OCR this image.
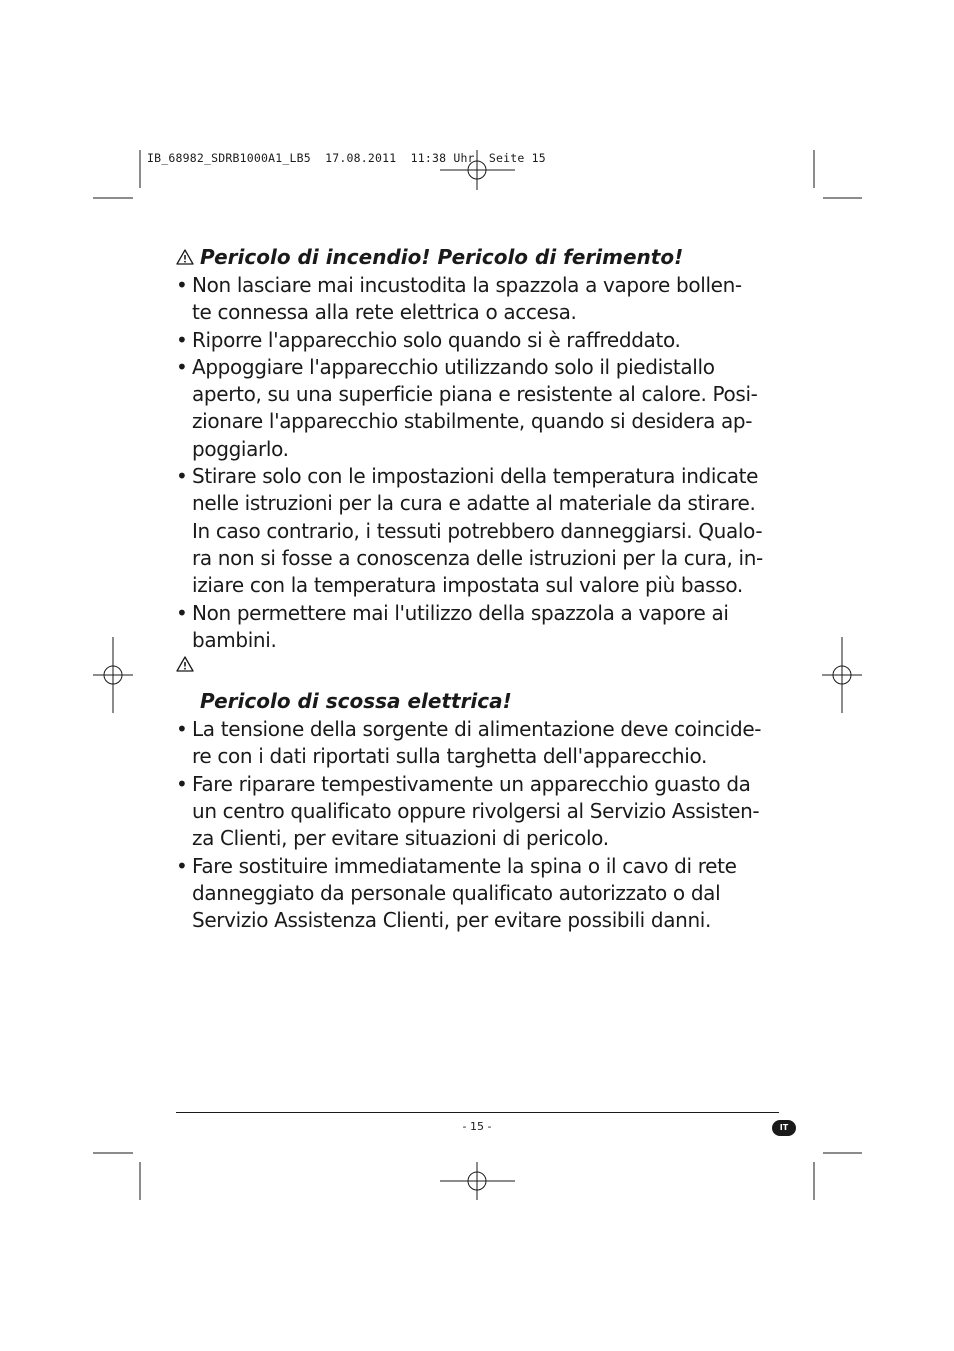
IB_68982_SDRB1000A1_LB5  17.08.2011  11:38 Uhr  Seite 15
Pericolo di incendio! Pericolo di ferimento!
• Non lasciare mai incustodita la spazzola a vapore bollen-
te connessa alla rete elettrica o accesa.
• Riporre l'apparecchio solo quando si è raffreddato.
• Appoggiare l'apparecchio utilizzando solo il piedistallo
aperto, su una superficie piana e resistente al calore. Posi-
zionare l'apparecchio stabilmente, quando si desidera ap-
poggiarlo.
• Stirare solo con le impostazioni della temperatura indicate
nelle istruzioni per la cura e adatte al materiale da stirare.
In caso contrario, i tessuti potrebbero danneggiarsi. Qualo-
ra non si fosse a conoscenza delle istruzioni per la cura, in-
iziare con la temperatura impostata sul valore più basso.
• Non permettere mai l'utilizzo della spazzola a vapore ai
bambini.
Pericolo di scossa elettrica!
• La tensione della sorgente di alimentazione deve coincide-
re con i dati riportati sulla targhetta dell'apparecchio.
• Fare riparare tempestivamente un apparecchio guasto da
un centro qualificato oppure rivolgersi al Servizio Assisten-
za Clienti, per evitare situazioni di pericolo.
• Fare sostituire immediatamente la spina o il cavo di rete
danneggiato da personale qualificato autorizzato o dal
Servizio Assistenza Clienti, per evitare possibili danni.
- 15 -	IT
